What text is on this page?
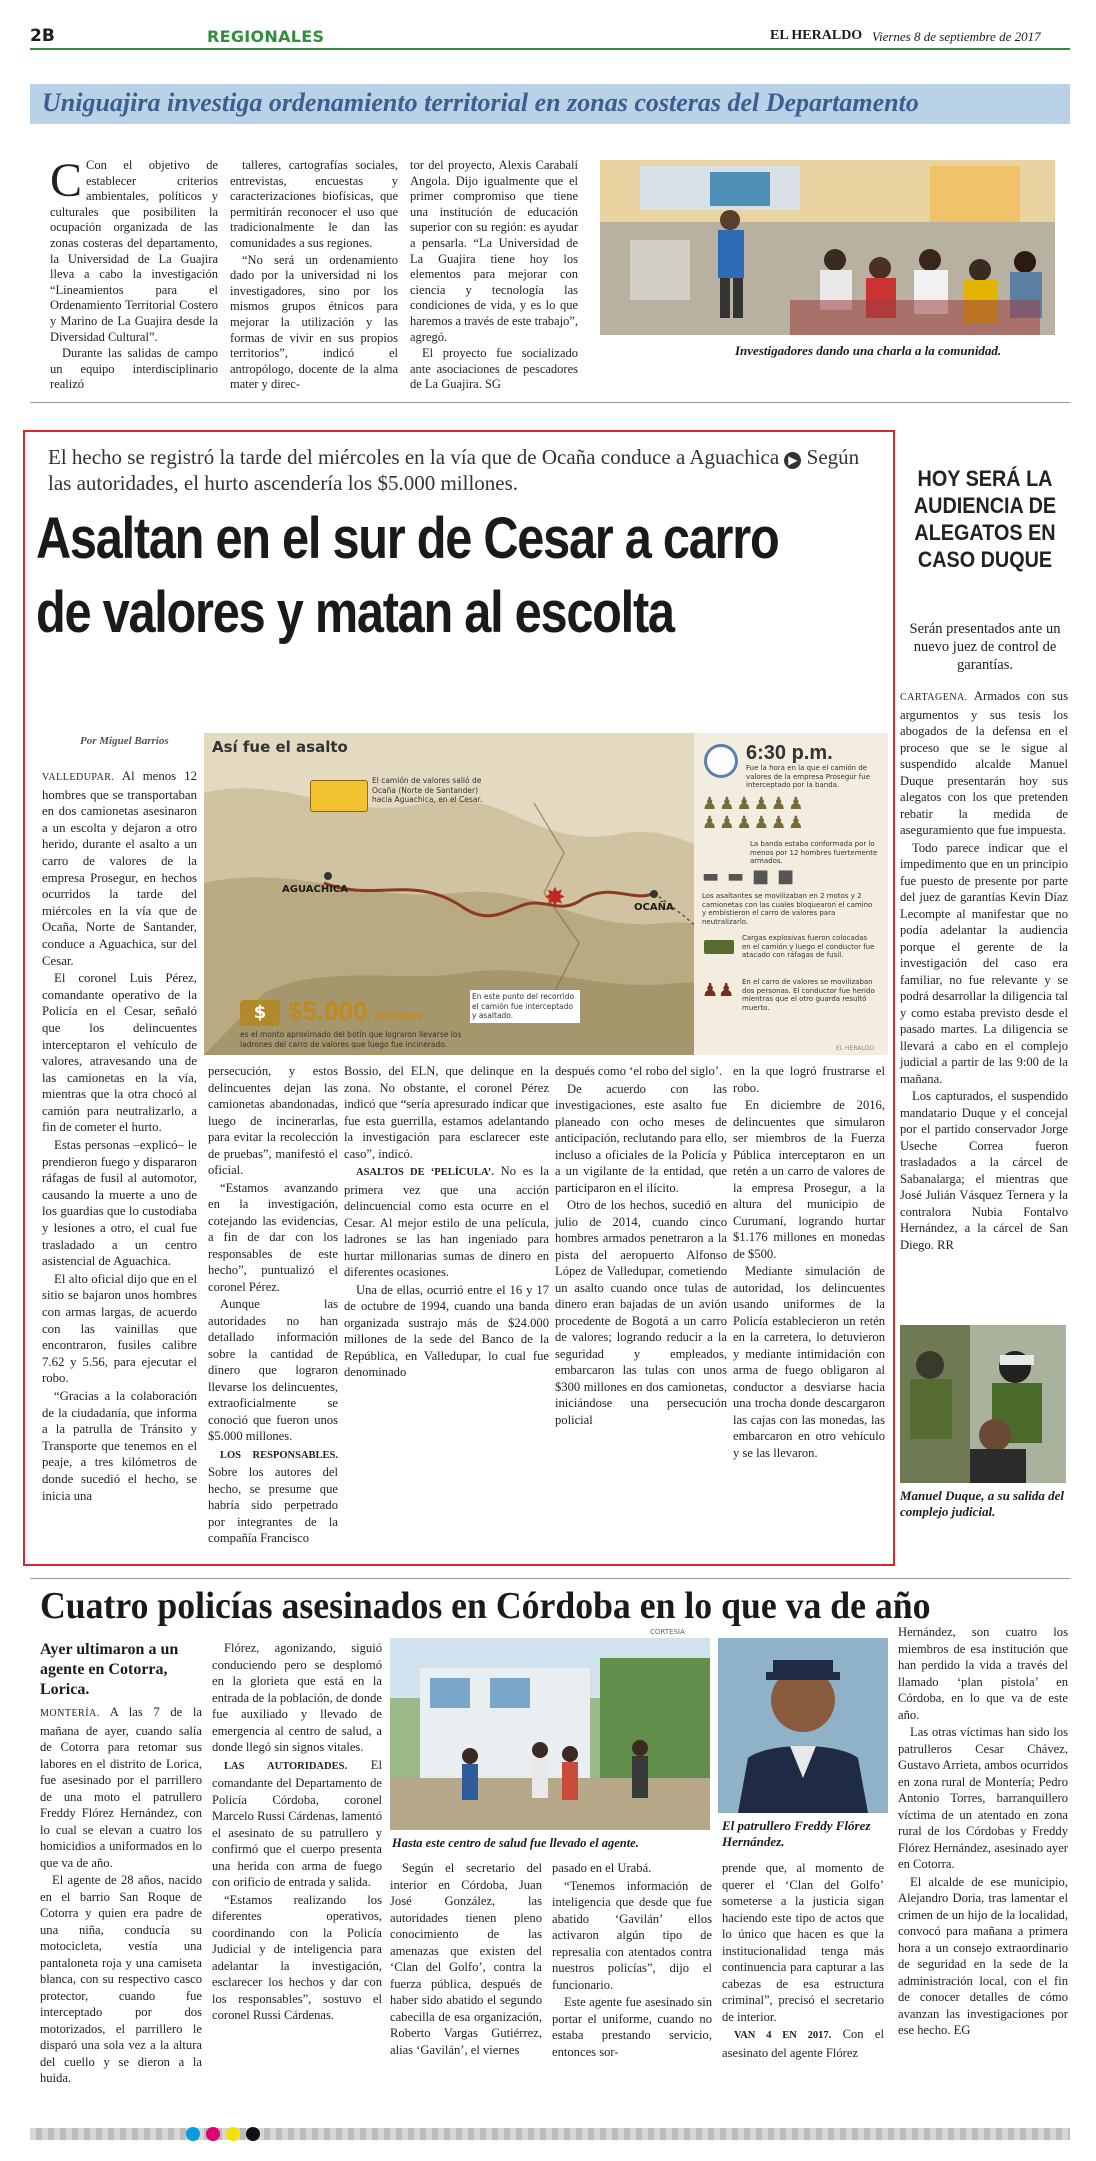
2B	REGIONALES	EL HERALDO Viernes 8 de septiembre de 2017
Uniguajira investiga ordenamiento territorial en zonas costeras del Departamento

C Con el objetivo de establecer criterios ambientales, políticos y culturales que posibiliten la ocupación organizada de las zonas costeras del departamento, la Universidad de La Guajira lleva a cabo la investigación “Lineamientos para el Ordenamiento Territorial Costero y Marino de La Guajira desde la Diversidad Cultural”.

Durante las salidas de campo un equipo interdisciplinario realizó

talleres, cartografías sociales, entrevistas, encuestas y caracterizaciones biofísicas, que permitirán reconocer el uso que tradicionalmente le dan las comunidades a sus regiones.

“No será un ordenamiento dado por la universidad ni los investigadores, sino por los mismos grupos étnicos para mejorar la utilización y las formas de vivir en sus propios territorios”, indicó el antropólogo, docente de la alma mater y direc-

tor del proyecto, Alexis Carabalí Angola. Dijo igualmente que el primer compromiso que tiene una institución de educación superior con su región: es ayudar a pensarla. “La Universidad de La Guajira tiene hoy los elementos para mejorar con ciencia y tecnología las condiciones de vida, y es lo que haremos a través de este trabajo”, agregó.

El proyecto fue socializado ante asociaciones de pescadores de La Guajira. SG

Investigadores dando una charla a la comunidad.
El hecho se registró la tarde del miércoles en la vía que de Ocaña conduce a Aguachica ▶ Según las autoridades, el hurto ascendería los $5.000 millones.
Asaltan en el sur de Cesar a carro
de valores y matan al escolta
Por Miguel Barrios	Así fue el asalto
El camión de valores salió de Ocaña (Norte de Santander) hacia Aguachica, en el Cesar.
AGUACHICA
OCAÑA
✸
En este punto del recorrido el camión fue interceptado y asaltado.
$ $5.000 millones
es el monto aproximado del botín que lograron llevarse los ladrones del carro de valores que luego fue incinerado.
6:30 p.m.
Fue la hora en la que el camión de valores de la empresa Prosegur fue interceptado por la banda.
♟♟♟♟♟♟
♟♟♟♟♟♟
La banda estaba conformada por lo menos por 12 hombres fuertemente armados.
▬▬■■
Los asaltantes se movilizaban en 2 motos y 2 camionetas con las cuales bloquearon el camino y embistieron el carro de valores para neutralizarlo.
Cargas explosivas fueron colocadas en el camión y luego el conductor fue atacado con ráfagas de fusil.
♟♟ En el carro de valores se movilizaban dos personas. El conductor fue herido mientras que el otro guarda resultó muerto.
EL HERALDO

VALLEDUPAR. Al menos 12 hombres que se transportaban en dos camionetas asesinaron a un escolta y dejaron a otro herido, durante el asalto a un carro de valores de la empresa Prosegur, en hechos ocurridos la tarde del miércoles en la vía que de Ocaña, Norte de Santander, conduce a Aguachica, sur del Cesar.

El coronel Luis Pérez, comandante operativo de la Policía en el Cesar, señaló que los delincuentes interceptaron el vehículo de valores, atravesando una de las camionetas en la vía, mientras que la otra chocó al camión para neutralizarlo, a fin de cometer el hurto.

Estas personas –explicó– le prendieron fuego y dispararon ráfagas de fusil al automotor, causando la muerte a uno de los guardias que lo custodiaba y lesiones a otro, el cual fue trasladado a un centro asistencial de Aguachica.

El alto oficial dijo que en el sitio se bajaron unos hombres con armas largas, de acuerdo con las vainillas que encontraron, fusiles calibre 7.62 y 5.56, para ejecutar el robo.

“Gracias a la colaboración de la ciudadanía, que informa a la patrulla de Tránsito y Transporte que tenemos en el peaje, a tres kilómetros de donde sucedió el hecho, se inicia una

persecución, y estos delincuentes dejan las camionetas abandonadas, luego de incinerarlas, para evitar la recolección de pruebas”, manifestó el oficial.

“Estamos avanzando en la investigación, cotejando las evidencias, a fin de dar con los responsables de este hecho”, puntualizó el coronel Pérez.

Aunque las autoridades no han detallado información sobre la cantidad de dinero que lograron llevarse los delincuentes, extraoficialmente se conoció que fueron unos $5.000 millones.

LOS RESPONSABLES. Sobre los autores del hecho, se presume que habría sido perpetrado por integrantes de la compañía Francisco

Bossio, del ELN, que delinque en la zona. No obstante, el coronel Pérez indicó que “sería apresurado indicar que fue esta guerrilla, estamos adelantando la investigación para esclarecer este caso”, indicó.

ASALTOS DE ‘PELÍCULA’. No es la primera vez que una acción delincuencial como esta ocurre en el Cesar. Al mejor estilo de una película, ladrones se las han ingeniado para hurtar millonarias sumas de dinero en diferentes ocasiones.

Una de ellas, ocurrió entre el 16 y 17 de octubre de 1994, cuando una banda organizada sustrajo más de $24.000 millones de la sede del Banco de la República, en Valledupar, lo cual fue denominado

después como ‘el robo del siglo’.

De acuerdo con las investigaciones, este asalto fue planeado con ocho meses de anticipación, reclutando para ello, incluso a oficiales de la Policía y a un vigilante de la entidad, que participaron en el ilícito.

Otro de los hechos, sucedió en julio de 2014, cuando cinco hombres armados penetraron a la pista del aeropuerto Alfonso López de Valledupar, cometiendo un asalto cuando once tulas de dinero eran bajadas de un avión procedente de Bogotá a un carro de valores; logrando reducir a la seguridad y empleados, embarcaron las tulas con unos $300 millones en dos camionetas, iniciándose una persecución policial

en la que logró frustrarse el robo.

En diciembre de 2016, delincuentes que simularon ser miembros de la Fuerza Pública interceptaron en un retén a un carro de valores de la empresa Prosegur, a la altura del municipio de Curumaní, logrando hurtar $1.176 millones en monedas de $500.

Mediante simulación de autoridad, los delincuentes usando uniformes de la Policía establecieron un retén en la carretera, lo detuvieron y mediante intimidación con arma de fuego obligaron al conductor a desviarse hacia una trocha donde descargaron las cajas con las monedas, las embarcaron en otro vehículo y se las llevaron.

HOY SERÁ LA AUDIENCIA DE ALEGATOS EN CASO DUQUE
Serán presentados ante un nuevo juez de control de garantías.

CARTAGENA. Armados con sus argumentos y sus tesis los abogados de la defensa en el proceso que se le sigue al suspendido alcalde Manuel Duque presentarán hoy sus alegatos con los que pretenden rebatir la medida de aseguramiento que fue impuesta.

Todo parece indicar que el impedimento que en un principio fue puesto de presente por parte del juez de garantías Kevin Díaz Lecompte al manifestar que no podía adelantar la audiencia porque el gerente de la investigación del caso era familiar, no fue relevante y se podrá desarrollar la diligencia tal y como estaba previsto desde el pasado martes. La diligencia se llevará a cabo en el complejo judicial a partir de las 9:00 de la mañana.

Los capturados, el suspendido mandatario Duque y el concejal por el partido conservador Jorge Useche Correa fueron trasladados a la cárcel de Sabanalarga; el mientras que José Julián Vásquez Ternera y la contralora Nubia Fontalvo Hernández, a la cárcel de San Diego. RR

Manuel Duque, a su salida del complejo judicial.
Cuatro policías asesinados en Córdoba en lo que va de año
Ayer ultimaron a un agente en Cotorra, Lorica.

MONTERÍA. A las 7 de la mañana de ayer, cuando salía de Cotorra para retomar sus labores en el distrito de Lorica, fue asesinado por el parrillero de una moto el patrullero Freddy Flórez Hernández, con lo cual se elevan a cuatro los homicidios a uniformados en lo que va de año.

El agente de 28 años, nacido en el barrio San Roque de Cotorra y quien era padre de una niña, conducía su motocicleta, vestía una pantaloneta roja y una camiseta blanca, con su respectivo casco protector, cuando fue interceptado por dos motorizados, el parrillero le disparó una sola vez a la altura del cuello y se dieron a la huida.

Flórez, agonizando, siguió conduciendo pero se desplomó en la glorieta que está en la entrada de la población, de donde fue auxiliado y llevado de emergencia al centro de salud, a donde llegó sin signos vitales.

LAS AUTORIDADES. El comandante del Departamento de Policía Córdoba, coronel Marcelo Russi Cárdenas, lamentó el asesinato de su patrullero y confirmó que el cuerpo presenta una herida con arma de fuego con orificio de entrada y salida.

“Estamos realizando los diferentes operativos, coordinando con la Policía Judicial y de inteligencia para adelantar la investigación, esclarecer los hechos y dar con los responsables”, sostuvo el coronel Russi Cárdenas.

CORTESÍA
Hasta este centro de salud fue llevado el agente.
El patrullero Freddy Flórez Hernández.

Según el secretario del interior en Córdoba, Juan José González, las autoridades tienen pleno conocimiento de las amenazas que existen del ‘Clan del Golfo’, contra la fuerza pública, después de haber sido abatido el segundo cabecilla de esa organización, Roberto Vargas Gutiérrez, alias ‘Gavilán’, el viernes

pasado en el Urabá.

“Tenemos información de inteligencia que desde que fue abatido ‘Gavilán’ ellos activaron algún tipo de represalia con atentados contra nuestros policías”, dijo el funcionario.

Este agente fue asesinado sin portar el uniforme, cuando no estaba prestando servicio, entonces sor-

prende que, al momento de querer el ‘Clan del Golfo’ someterse a la justicia sigan haciendo este tipo de actos que lo único que hacen es que la institucionalidad tenga más continuencia para capturar a las cabezas de esa estructura criminal”, precisó el secretario de interior.

VAN 4 EN 2017. Con el asesinato del agente Flórez

Hernández, son cuatro los miembros de esa institución que han perdido la vida a través del llamado ‘plan pistola’ en Córdoba, en lo que va de este año.

Las otras víctimas han sido los patrulleros Cesar Chávez, Gustavo Arrieta, ambos ocurridos en zona rural de Montería; Pedro Antonio Torres, barranquillero víctima de un atentado en zona rural de los Córdobas y Freddy Flórez Hernández, asesinado ayer en Cotorra.

El alcalde de ese municipio, Alejandro Doria, tras lamentar el crimen de un hijo de la localidad, convocó para mañana a primera hora a un consejo extraordinario de seguridad en la sede de la administración local, con el fin de conocer detalles de cómo avanzan las investigaciones por ese hecho. EG
